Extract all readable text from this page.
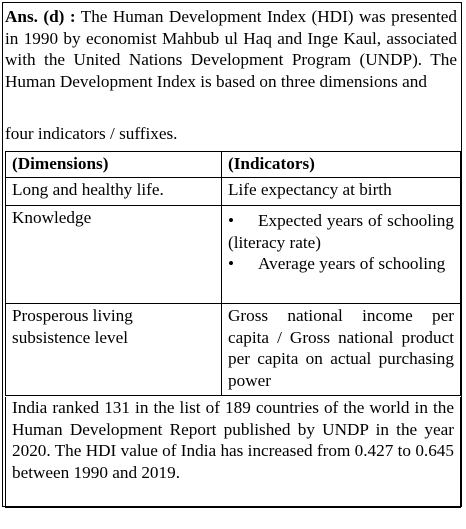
Ans. (d) : The Human Development Index (HDI) was presented in 1990 by economist Mahbub ul Haq and Inge Kaul, associated with the United Nations Development Program (UNDP). The Human Development Index is based on three dimensions and

four indicators / suffixes.
(Dimensions)	(Indicators)
Long and healthy life.	Life expectancy at birth
Knowledge	• Expected years of schooling (literacy rate)
• Average years of schooling

Prosperous living subsistence level	Gross national income per capita / Gross national product per capita on actual purchasing power
India ranked 131 in the list of 189 countries of the world in the Human Development Report published by UNDP in the year 2020. The HDI value of India has increased from 0.427 to 0.645 between 1990 and 2019.
